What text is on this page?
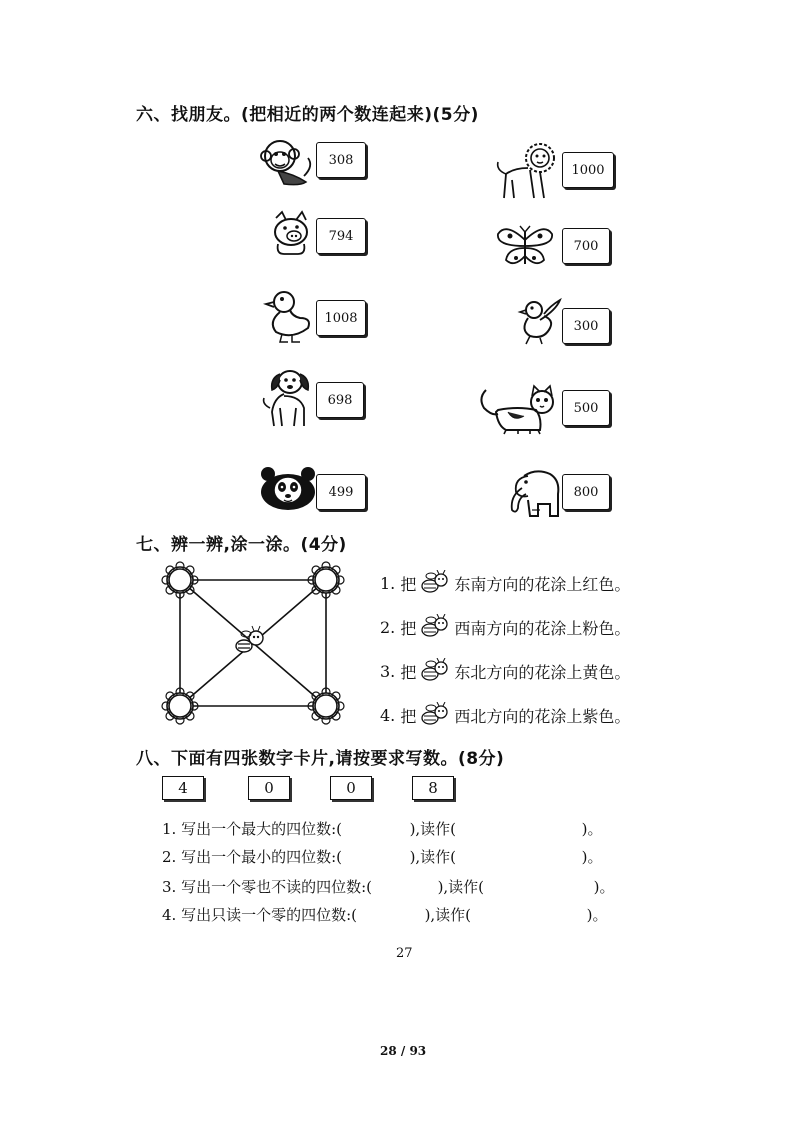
六、找朋友。(把相近的两个数连起来)(5分)
308
794
1008
698
499
1000
700
300
500
800
七、辨一辨,涂一涂。(4分)
1.
把 东南方向的花涂上红色。
2.
把 西南方向的花涂上粉色。
3.
把 东北方向的花涂上黄色。
4.
把 西北方向的花涂上紫色。
八、下面有四张数字卡片,请按要求写数。(8分)
4	0	0	8
1. 写出一个最大的四位数:(	),读作(	)。
2. 写出一个最小的四位数:(	),读作(	)。
3. 写出一个零也不读的四位数:(	),读作(	)。
4. 写出只读一个零的四位数:(	),读作(	)。
27
28 / 93
